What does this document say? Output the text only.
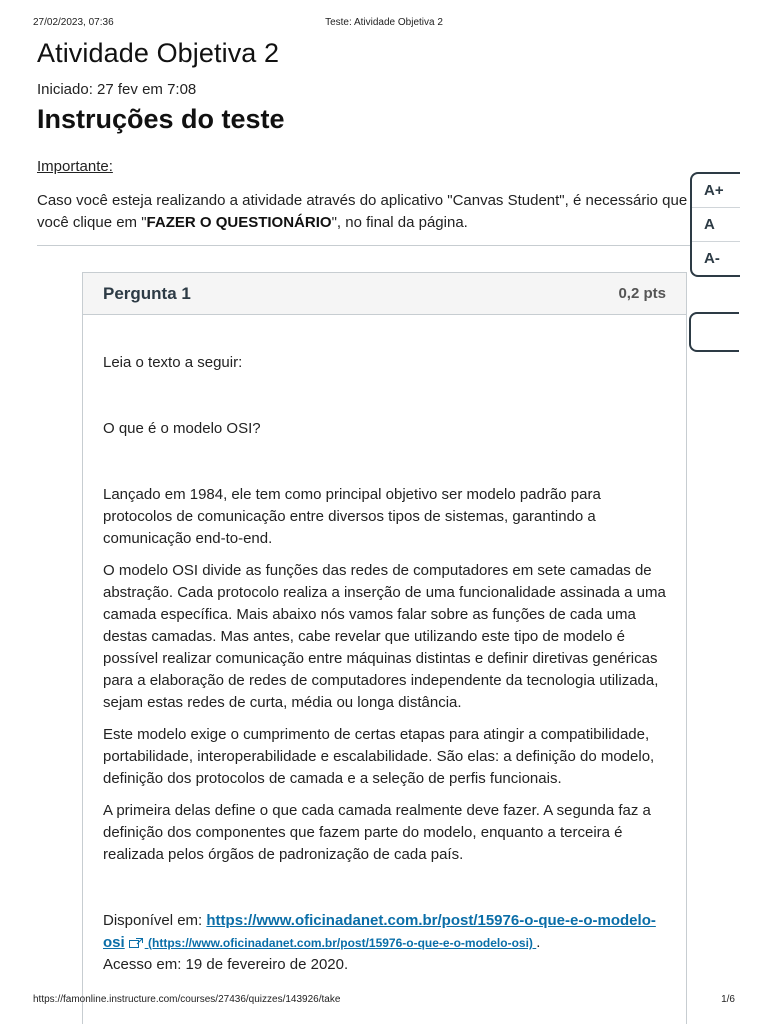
27/02/2023, 07:36	Teste: Atividade Objetiva 2
Atividade Objetiva 2
Iniciado: 27 fev em 7:08
Instruções do teste
Importante:
Caso você esteja realizando a atividade através do aplicativo "Canvas Student", é necessário que
você clique em "FAZER O QUESTIONÁRIO", no final da página.
A+
A
A-
Pergunta 1	0,2 pts

Leia o texto a seguir:

O que é o modelo OSI?

Lançado em 1984, ele tem como principal objetivo ser modelo padrão para protocolos de comunicação entre diversos tipos de sistemas, garantindo a comunicação end-to-end.

O modelo OSI divide as funções das redes de computadores em sete camadas de abstração. Cada protocolo realiza a inserção de uma funcionalidade assinada a uma camada específica. Mais abaixo nós vamos falar sobre as funções de cada uma destas camadas. Mas antes, cabe revelar que utilizando este tipo de modelo é possível realizar comunicação entre máquinas distintas e definir diretivas genéricas para a elaboração de redes de computadores independente da tecnologia utilizada, sejam estas redes de curta, média ou longa distância.

Este modelo exige o cumprimento de certas etapas para atingir a compatibilidade, portabilidade, interoperabilidade e escalabilidade. São elas: a definição do modelo, definição dos protocolos de camada e a seleção de perfis funcionais.

A primeira delas define o que cada camada realmente deve fazer. A segunda faz a definição dos componentes que fazem parte do modelo, enquanto a terceira é realizada pelos órgãos de padronização de cada país.

Disponível em: https://www.oficinadanet.com.br/post/15976-o-que-e-o-modelo-osi (https://www.oficinadanet.com.br/post/15976-o-que-e-o-modelo-osi) .
Acesso em: 19 de fevereiro de 2020.

https://famonline.instructure.com/courses/27436/quizzes/143926/take	1/6
